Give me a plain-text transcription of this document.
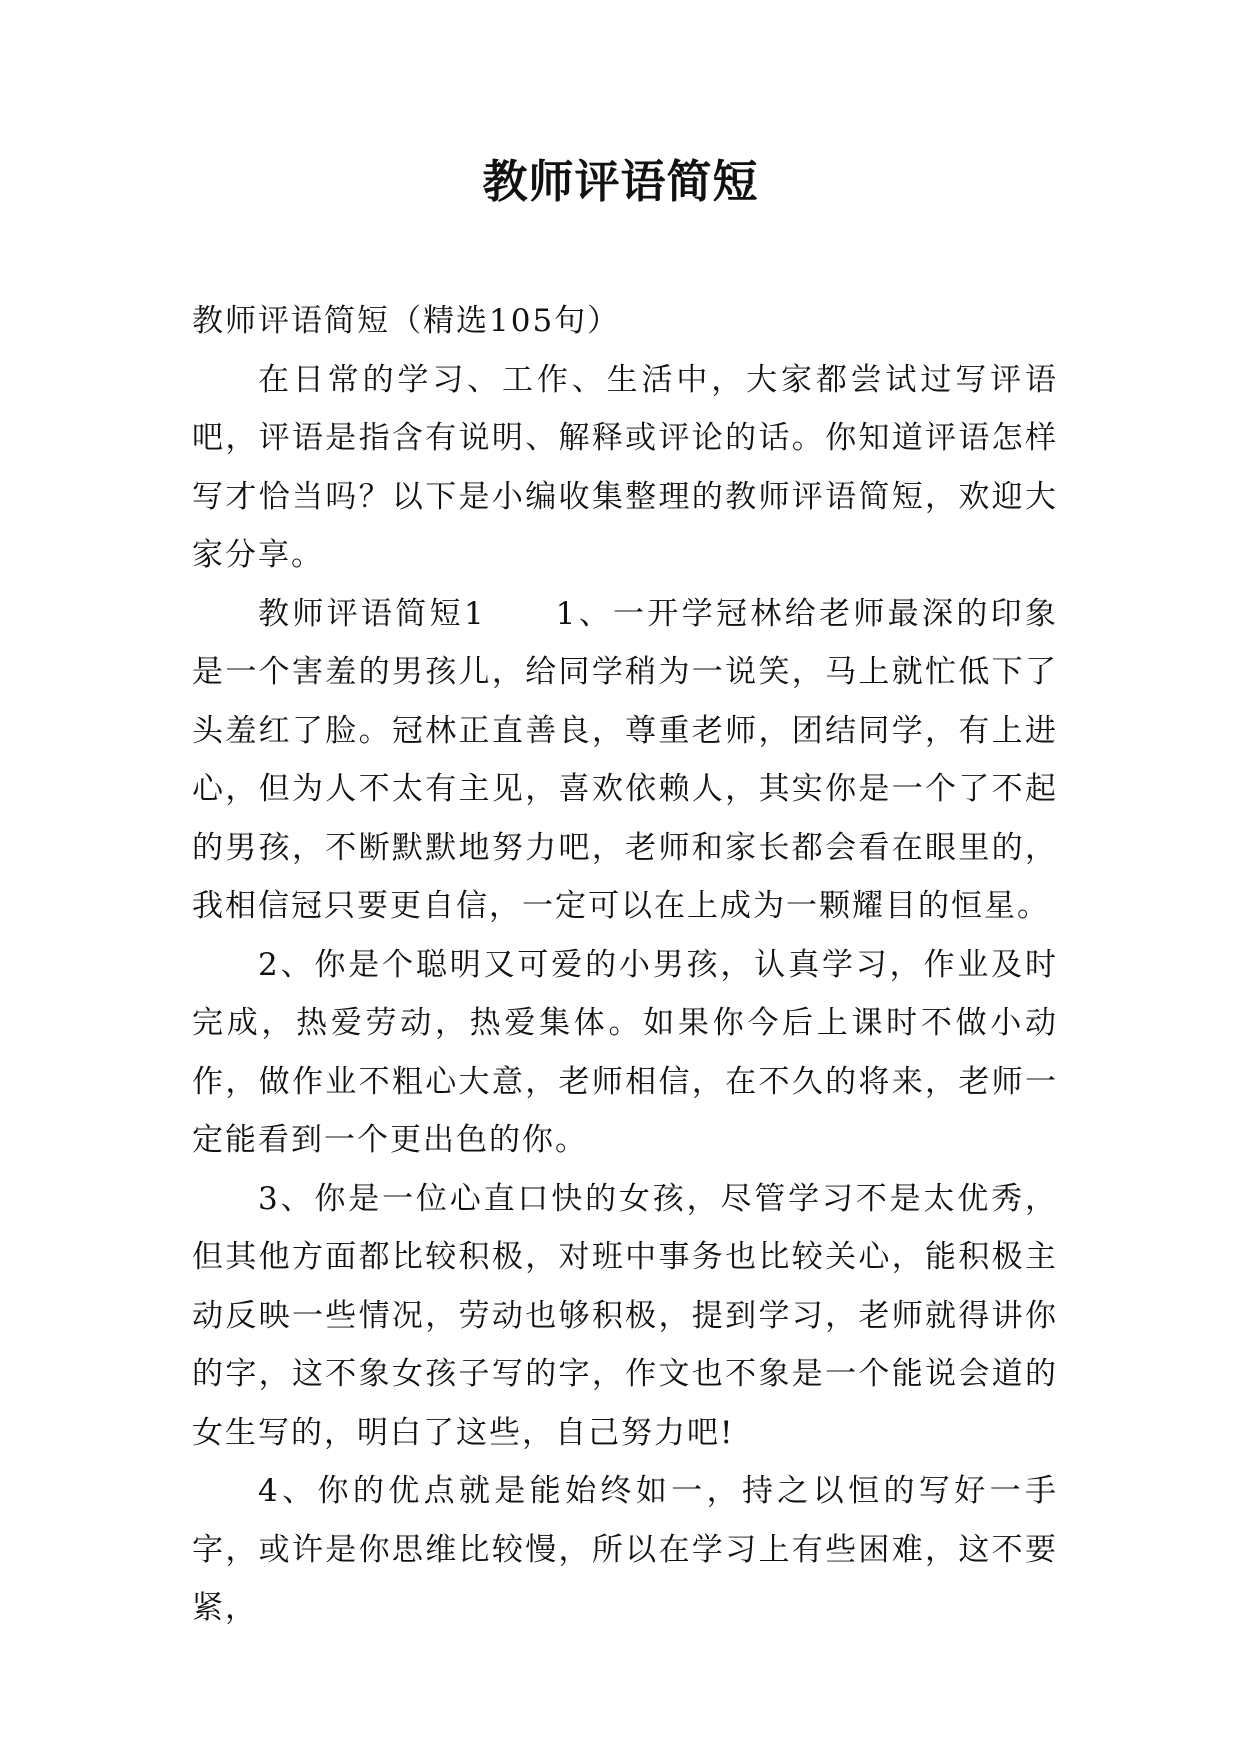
教师评语简短

教师评语简短（精选105句）

在日常的学习、工作、生活中，大家都尝试过写评语吧，评语是指含有说明、解释或评论的话。你知道评语怎样写才恰当吗？以下是小编收集整理的教师评语简短，欢迎大家分享。

教师评语简短1　　1、一开学冠林给老师最深的印象是一个害羞的男孩儿，给同学稍为一说笑，马上就忙低下了头羞红了脸。冠林正直善良，尊重老师，团结同学，有上进心，但为人不太有主见，喜欢依赖人，其实你是一个了不起的男孩，不断默默地努力吧，老师和家长都会看在眼里的，我相信冠只要更自信，一定可以在上成为一颗耀目的恒星。

2、你是个聪明又可爱的小男孩，认真学习，作业及时完成，热爱劳动，热爱集体。如果你今后上课时不做小动作，做作业不粗心大意，老师相信，在不久的将来，老师一定能看到一个更出色的你。

3、你是一位心直口快的女孩，尽管学习不是太优秀，但其他方面都比较积极，对班中事务也比较关心，能积极主动反映一些情况，劳动也够积极，提到学习，老师就得讲你的字，这不象女孩子写的字，作文也不象是一个能说会道的女生写的，明白了这些，自己努力吧!

4、你的优点就是能始终如一，持之以恒的写好一手字，或许是你思维比较慢，所以在学习上有些困难，这不要紧，
